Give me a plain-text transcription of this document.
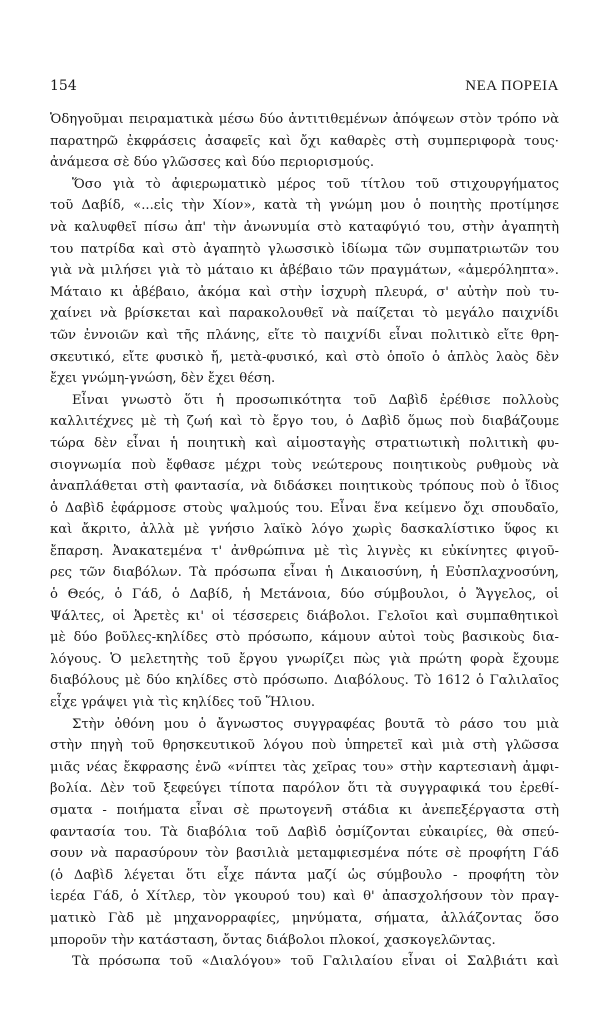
154	ΝΕΑ ΠΟΡΕΙΑ
Ὁδηγοῦμαι πειραματικὰ μέσω δύο ἀντιτιθεμένων ἀπόψεων στὸν τρόπο νὰ
παρατηρῶ ἐκφράσεις ἀσαφεῖς καὶ ὄχι καθαρὲς στὴ συμπεριφορὰ τους·
ἀνάμεσα σὲ δύο γλῶσσες καὶ δύο περιορισμούς.
Ὅσο γιὰ τὸ ἀφιερωματικὸ μέρος τοῦ τίτλου τοῦ στιχουργήματος
τοῦ Δαβίδ, «...εἰς τὴν Χίον», κατὰ τὴ γνώμη μου ὁ ποιητὴς προτίμησε
νὰ καλυφθεῖ πίσω ἀπ' τὴν ἀνωνυμία στὸ καταφύγιό του, στὴν ἀγαπητὴ
του πατρίδα καὶ στὸ ἀγαπητὸ γλωσσικὸ ἰδίωμα τῶν συμπατριωτῶν του
γιὰ νὰ μιλήσει γιὰ τὸ μάταιο κι ἀβέβαιο τῶν πραγμάτων, «ἀμερόληπτα».
Μάταιο κι ἀβέβαιο, ἀκόμα καὶ στὴν ἰσχυρὴ πλευρά, σ' αὐτὴν ποὺ τυ-
χαίνει νὰ βρίσκεται καὶ παρακολουθεῖ νὰ παίζεται τὸ μεγάλο παιχνίδι
τῶν ἐννοιῶν καὶ τῆς πλάνης, εἴτε τὸ παιχνίδι εἶναι πολιτικὸ εἴτε θρη-
σκευτικό, εἴτε φυσικὸ ἤ, μετὰ-φυσικό, καὶ στὸ ὁποῖο ὁ ἁπλὸς λαὸς δὲν
ἔχει γνώμη-γνώση, δὲν ἔχει θέση.
Εἶναι γνωστὸ ὅτι ἡ προσωπικότητα τοῦ Δαβὶδ ἐρέθισε πολλοὺς
καλλιτέχνες μὲ τὴ ζωή καὶ τὸ ἔργο του, ὁ Δαβὶδ ὅμως ποὺ διαβάζουμε
τώρα δὲν εἶναι ἡ ποιητικὴ καὶ αἱμοσταγὴς στρατιωτικὴ πολιτικὴ φυ-
σιογνωμία ποὺ ἔφθασε μέχρι τοὺς νεώτερους ποιητικοὺς ρυθμοὺς νὰ
ἀναπλάθεται στὴ φαντασία, νὰ διδάσκει ποιητικοὺς τρόπους ποὺ ὁ ἴδιος
ὁ Δαβὶδ ἐφάρμοσε στοὺς ψαλμούς του. Εἶναι ἕνα κείμενο ὄχι σπουδαῖο,
καὶ ἄκριτο, ἀλλὰ μὲ γνήσιο λαϊκὸ λόγο χωρὶς δασκαλίστικο ὕφος κι
ἔπαρση. Ἀνακατεμένα τ' ἀνθρώπινα μὲ τὶς λιγνὲς κι εὐκίνητες φιγοῦ-
ρες τῶν διαβόλων. Τὰ πρόσωπα εἶναι ἡ Δικαιοσύνη, ἡ Εὐσπλαχνοσύνη,
ὁ Θεός, ὁ Γάδ, ὁ Δαβίδ, ἡ Μετάνοια, δύο σύμβουλοι, ὁ Ἄγγελος, οἱ
Ψάλτες, οἱ Ἀρετὲς κι' οἱ τέσσερεις διάβολοι. Γελοῖοι καὶ συμπαθητικοὶ
μὲ δύο βοῦλες-κηλίδες στὸ πρόσωπο, κάμουν αὐτοὶ τοὺς βασικοὺς δια-
λόγους. Ὁ μελετητὴς τοῦ ἔργου γνωρίζει πὼς γιὰ πρώτη φορὰ ἔχουμε
διαβόλους μὲ δύο κηλίδες στὸ πρόσωπο. Διαβόλους. Τὸ 1612 ὁ Γαλιλαῖος
εἶχε γράψει γιὰ τὶς κηλίδες τοῦ Ἥλιου.
Στὴν ὀθόνη μου ὁ ἄγνωστος συγγραφέας βουτᾶ τὸ ράσο του μιὰ
στὴν πηγὴ τοῦ θρησκευτικοῦ λόγου ποὺ ὑπηρετεῖ καὶ μιὰ στὴ γλῶσσα
μιᾶς νέας ἔκφρασης ἐνῶ «νίπτει τὰς χεῖρας του» στὴν καρτεσιανὴ ἀμφι-
βολία. Δὲν τοῦ ξεφεύγει τίποτα παρόλον ὅτι τὰ συγγραφικά του ἐρεθί-
σματα - ποιήματα εἶναι σὲ πρωτογενῆ στάδια κι ἀνεπεξέργαστα στὴ
φαντασία του. Τὰ διαβόλια τοῦ Δαβὶδ ὀσμίζονται εὐκαιρίες, θὰ σπεύ-
σουν νὰ παρασύρουν τὸν βασιλιὰ μεταμφιεσμένα πότε σὲ προφήτη Γάδ
(ὁ Δαβὶδ λέγεται ὅτι εἶχε πάντα μαζί ὡς σύμβουλο - προφήτη τὸν
ἱερέα Γάδ, ὁ Χίτλερ, τὸν γκουρού του) καὶ θ' ἀπασχολήσουν τὸν πραγ-
ματικὸ Γὰδ μὲ μηχανορραφίες, μηνύματα, σήματα, ἀλλάζοντας ὅσο
μποροῦν τὴν κατάσταση, ὄντας διάβολοι πλοκοί, χασκογελῶντας.
Τὰ πρόσωπα τοῦ «Διαλόγου» τοῦ Γαλιλαίου εἶναι οἱ Σαλβιάτι καὶ
